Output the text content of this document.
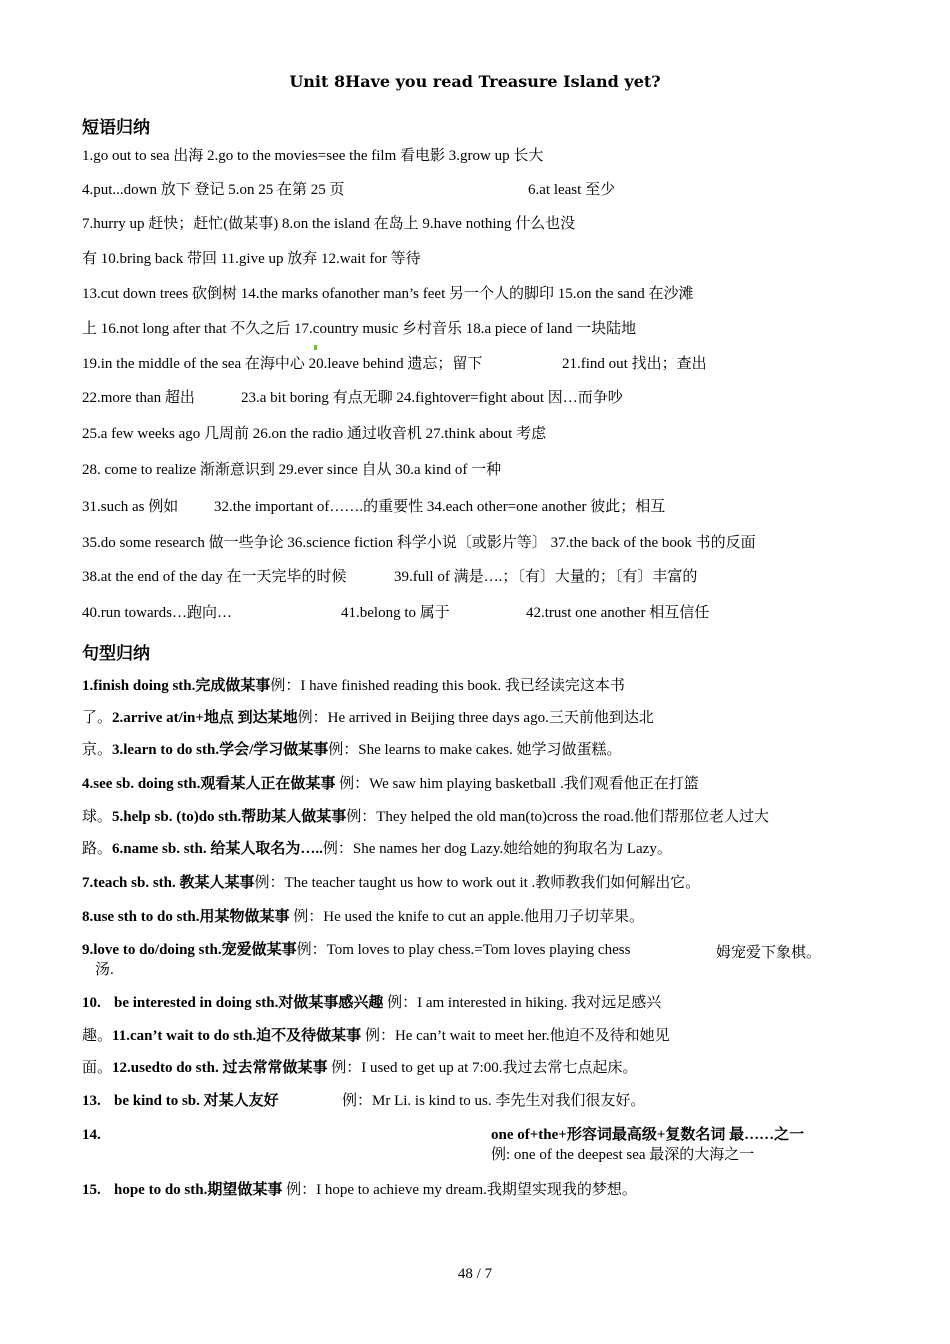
Unit 8Have you read Treasure Island yet?
短语归纳
1.go out to sea 出海 2.go to the movies=see the film 看电影 3.grow up 长大
4.put...down 放下 登记 5.on 25 在第 25 页	6.at least 至少
7.hurry up 赶快；赶忙(做某事) 8.on the island 在岛上 9.have nothing 什么也没
有 10.bring back 带回 11.give up 放弃 12.wait for 等待
13.cut down trees 砍倒树 14.the marks ofanother man’s feet 另一个人的脚印 15.on the sand 在沙滩
上 16.not long after that 不久之后 17.country music 乡村音乐 18.a piece of land 一块陆地
19.in the middle of the sea 在海中心 20.leave behind 遗忘；留下	21.find out 找出；查出
22.more than 超出	23.a bit boring 有点无聊 24.fightover=fight about 因…而争吵
25.a few weeks ago 几周前 26.on the radio 通过收音机 27.think about 考虑
28. come to realize 渐渐意识到 29.ever since 自从 30.a kind of 一种
31.such as 例如 32.the important of…….的重要性 34.each other=one another 彼此；相互
35.do some research 做一些争论 36.science fiction 科学小说〔或影片等〕 37.the back of the book 书的反面
38.at the end of the day 在一天完毕的时候	39.full of 满是….；〔有〕大量的；〔有〕丰富的
40.run towards…跑向…	41.belong to 属于	42.trust one another 相互信任
句型归纳
1.finish doing sth.完成做某事例：I have finished reading this book. 我已经读完这本书
了。2.arrive at/in+地点 到达某地例：He arrived in Beijing three days ago.三天前他到达北
京。3.learn to do sth.学会/学习做某事例：She learns to make cakes. 她学习做蛋糕。
4.see sb. doing sth.观看某人正在做某事 例：We saw him playing basketball .我们观看他正在打篮
球。5.help sb. (to)do sth.帮助某人做某事例：They helped the old man(to)cross the road.他们帮那位老人过大
路。6.name sb. sth. 给某人取名为…..例：She names her dog Lazy.她给她的狗取名为 Lazy。
7.teach sb. sth. 教某人某事例：The teacher taught us how to work out it .教师教我们如何解出它。
8.use sth to do sth.用某物做某事 例：He used the knife to cut an apple.他用刀子切苹果。
9.love to do/doing sth.宠爱做某事例：Tom loves to play chess.=Tom loves playing chess	姆宠爱下象棋。
汤.
10. be interested in doing sth.对做某事感兴趣 例：I am interested in hiking. 我对远足感兴
趣。11.can’t wait to do sth.迫不及待做某事 例：He can’t wait to meet her.他迫不及待和她见
面。12.usedto do sth. 过去常常做某事 例：I used to get up at 7:00.我过去常七点起床。
13. be kind to sb. 对某人友好	例：Mr Li. is kind to us. 李先生对我们很友好。
14.	one of+the+形容词最高级+复数名词 最……之一
例: one of the deepest sea 最深的大海之一
15. hope to do sth.期望做某事 例：I hope to achieve my dream.我期望实现我的梦想。
48 / 7
